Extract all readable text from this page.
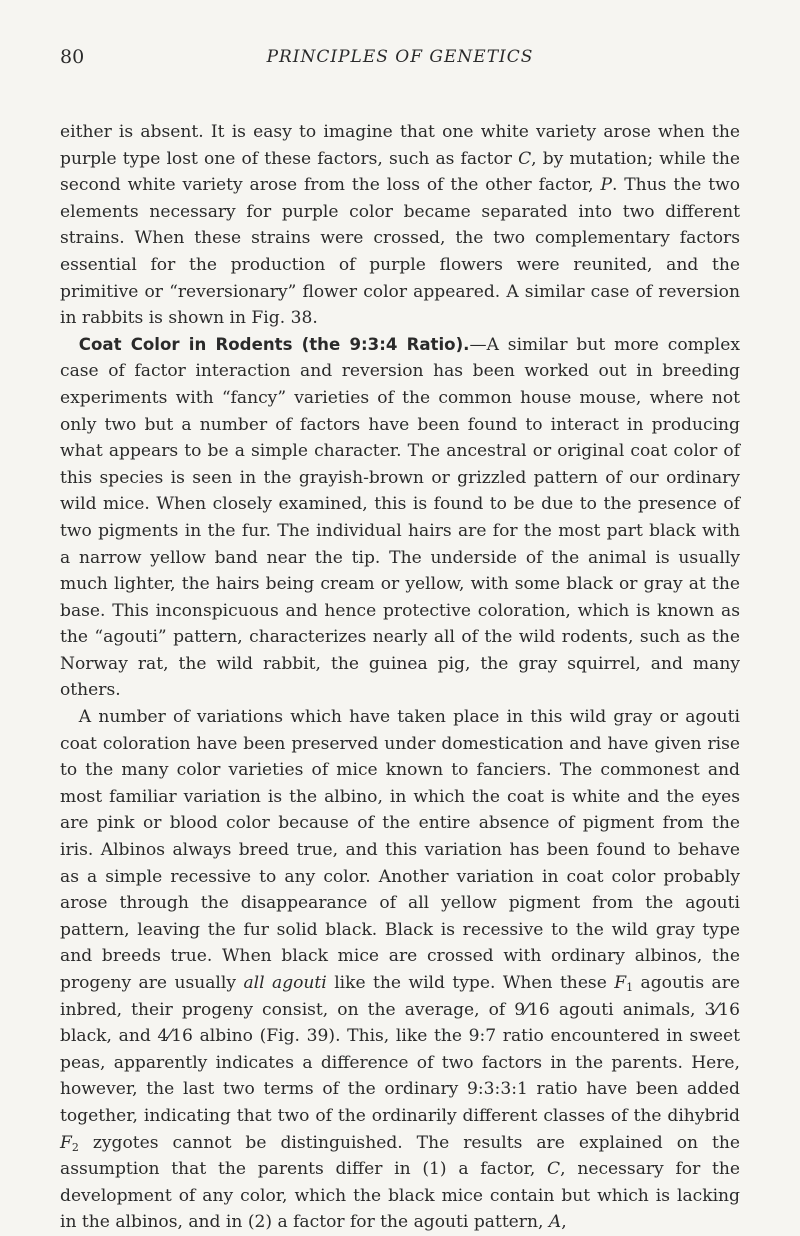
80	PRINCIPLES OF GENETICS

either is absent. It is easy to imagine that one white variety arose when the purple type lost one of these factors, such as factor C, by mutation; while the second white variety arose from the loss of the other factor, P. Thus the two elements necessary for purple color became separated into two different strains. When these strains were crossed, the two complementary factors essential for the production of purple flowers were reunited, and the primitive or “reversionary” flower color appeared. A similar case of reversion in rabbits is shown in Fig. 38.

Coat Color in Rodents (the 9:3:4 Ratio).—A similar but more complex case of factor interaction and reversion has been worked out in breeding experiments with “fancy” varieties of the common house mouse, where not only two but a number of factors have been found to interact in producing what appears to be a simple character. The ancestral or original coat color of this species is seen in the grayish-brown or grizzled pattern of our ordinary wild mice. When closely examined, this is found to be due to the presence of two pigments in the fur. The individual hairs are for the most part black with a narrow yellow band near the tip. The underside of the animal is usually much lighter, the hairs being cream or yellow, with some black or gray at the base. This inconspicuous and hence protective coloration, which is known as the “agouti” pattern, characterizes nearly all of the wild rodents, such as the Norway rat, the wild rabbit, the guinea pig, the gray squirrel, and many others.

A number of variations which have taken place in this wild gray or agouti coat coloration have been preserved under domestication and have given rise to the many color varieties of mice known to fanciers. The commonest and most familiar variation is the albino, in which the coat is white and the eyes are pink or blood color because of the entire absence of pigment from the iris. Albinos always breed true, and this variation has been found to behave as a simple recessive to any color. Another variation in coat color probably arose through the disappearance of all yellow pigment from the agouti pattern, leaving the fur solid black. Black is recessive to the wild gray type and breeds true. When black mice are crossed with ordinary albinos, the progeny are usually all agouti like the wild type. When these $F_1$ agoutis are inbred, their progeny consist, on the average, of 9⁄16 agouti animals, 3⁄16 black, and 4⁄16 albino (Fig. 39). This, like the 9:7 ratio encountered in sweet peas, apparently indicates a difference of two factors in the parents. Here, however, the last two terms of the ordinary 9:3:3:1 ratio have been added together, indicating that two of the ordinarily different classes of the dihybrid $F_2$ zygotes cannot be distinguished. The results are explained on the assumption that the parents differ in (1) a factor, C, necessary for the development of any color, which the black mice contain but which is lacking in the albinos, and in (2) a factor for the agouti pattern, A,
